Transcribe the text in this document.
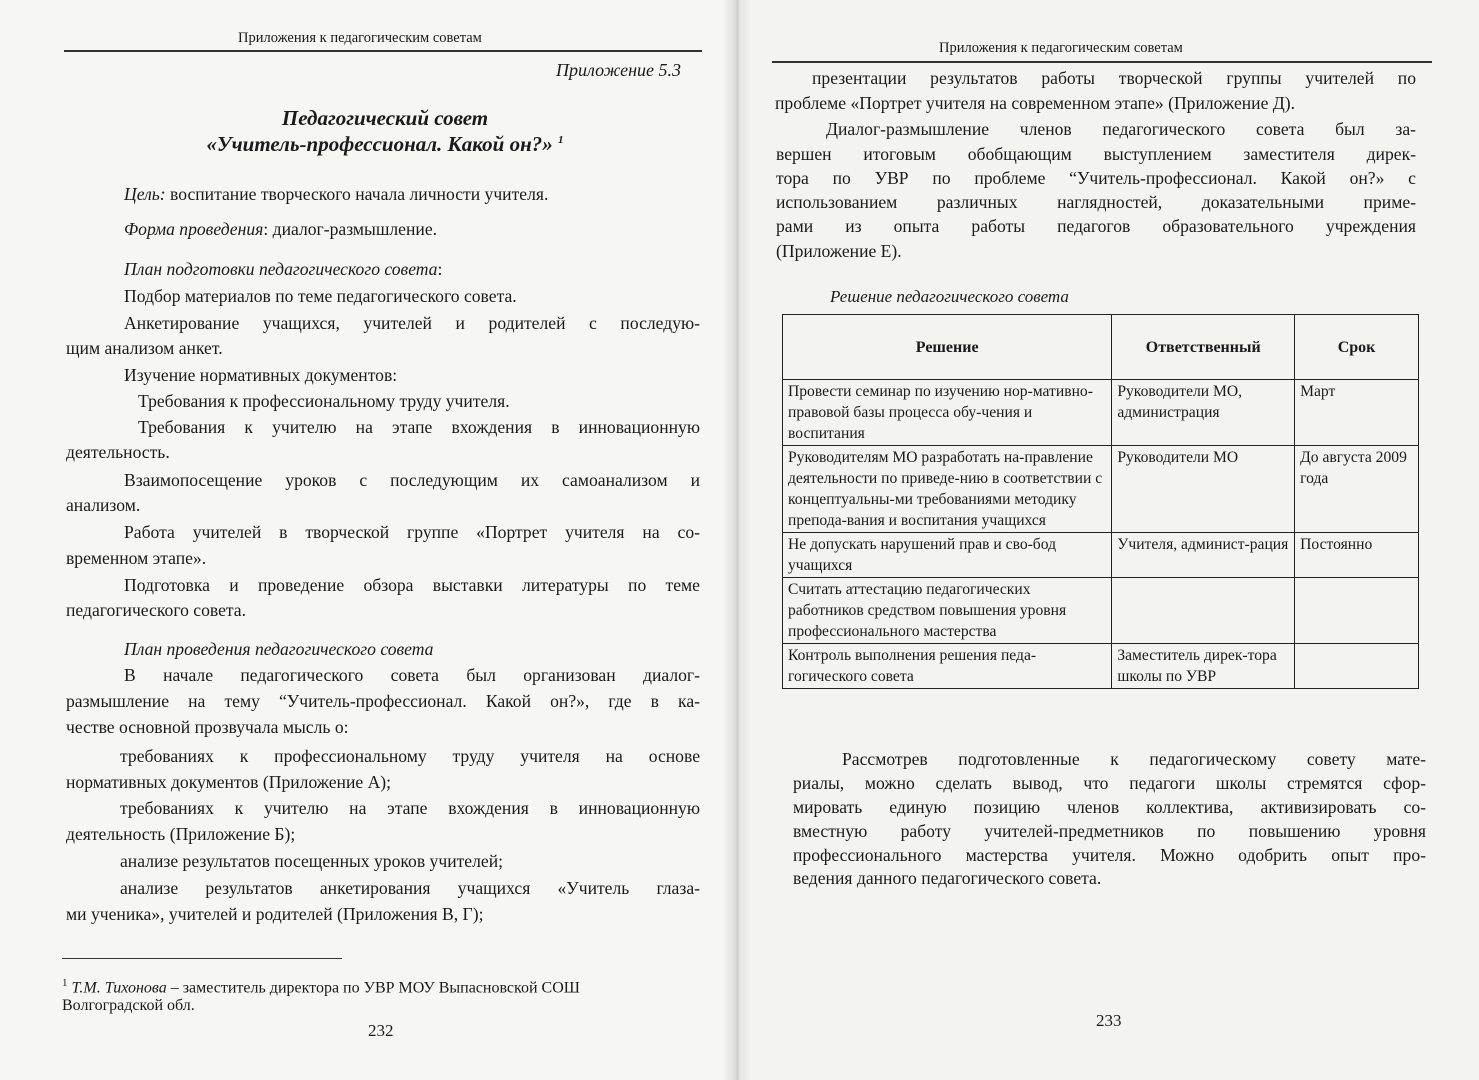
Приложения к педагогическим советам
Приложение 5.3
Педагогический совет
«Учитель-профессионал. Какой он?» $^1$
Цель: воспитание творческого начала личности учителя.
Форма проведения: диалог-размышление.
План подготовки педагогического совета:
Подбор материалов по теме педагогического совета.
Анкетирование учащихся, учителей и родителей с последую-
щим анализом анкет.
Изучение нормативных документов:
Требования к профессиональному труду учителя.
Требования к учителю на этапе вхождения в инновационную
деятельность.
Взаимопосещение уроков с последующим их самоанализом и
анализом.
Работа учителей в творческой группе «Портрет учителя на со-
временном этапе».
Подготовка и проведение обзора выставки литературы по теме
педагогического совета.
План проведения педагогического совета
В начале педагогического совета был организован диалог-
размышление на тему “Учитель-профессионал. Какой он?», где в ка-
честве основной прозвучала мысль о:
требованиях к профессиональному труду учителя на основе
нормативных документов (Приложение А);
требованиях к учителю на этапе вхождения в инновационную
деятельность (Приложение Б);
анализе результатов посещенных уроков учителей;
анализе результатов анкетирования учащихся «Учитель глаза-
ми ученика», учителей и родителей (Приложения В, Г);
$^1$ Т.М. Тихонова – заместитель директора по УВР МОУ Выпасновской СОШ
Волгоградской обл.
232
Приложения к педагогическим советам
презентации результатов работы творческой группы учителей по
проблеме «Портрет учителя на современном этапе» (Приложение Д).
Диалог-размышление членов педагогического совета был за-
вершен итоговым обобщающим выступлением заместителя дирек-
тора по УВР по проблеме “Учитель-профессионал. Какой он?» с
использованием различных наглядностей, доказательными приме-
рами из опыта работы педагогов образовательного учреждения
(Приложение Е).
Решение педагогического совета
Решение	Ответственный	Срок
Провести семинар по изучению нор-мативно-правовой базы процесса обу-чения и воспитания	Руководители МО, администрация	Март
Руководителям МО разработать на-правление деятельности по приведе-нию в соответствии с концептуальны-ми требованиями методику препода-вания и воспитания учащихся	Руководители МО	До августа 2009 года
Не допускать нарушений прав и сво-бод учащихся	Учителя, админист-рация	Постоянно
Считать аттестацию педагогических работников средством повышения уровня профессионального мастерства		
Контроль выполнения решения педа-гогического совета	Заместитель дирек-тора школы по УВР	
Рассмотрев подготовленные к педагогическому совету мате-
риалы, можно сделать вывод, что педагоги школы стремятся сфор-
мировать единую позицию членов коллектива, активизировать со-
вместную работу учителей-предметников по повышению уровня
профессионального мастерства учителя. Можно одобрить опыт про-
ведения данного педагогического совета.
233
